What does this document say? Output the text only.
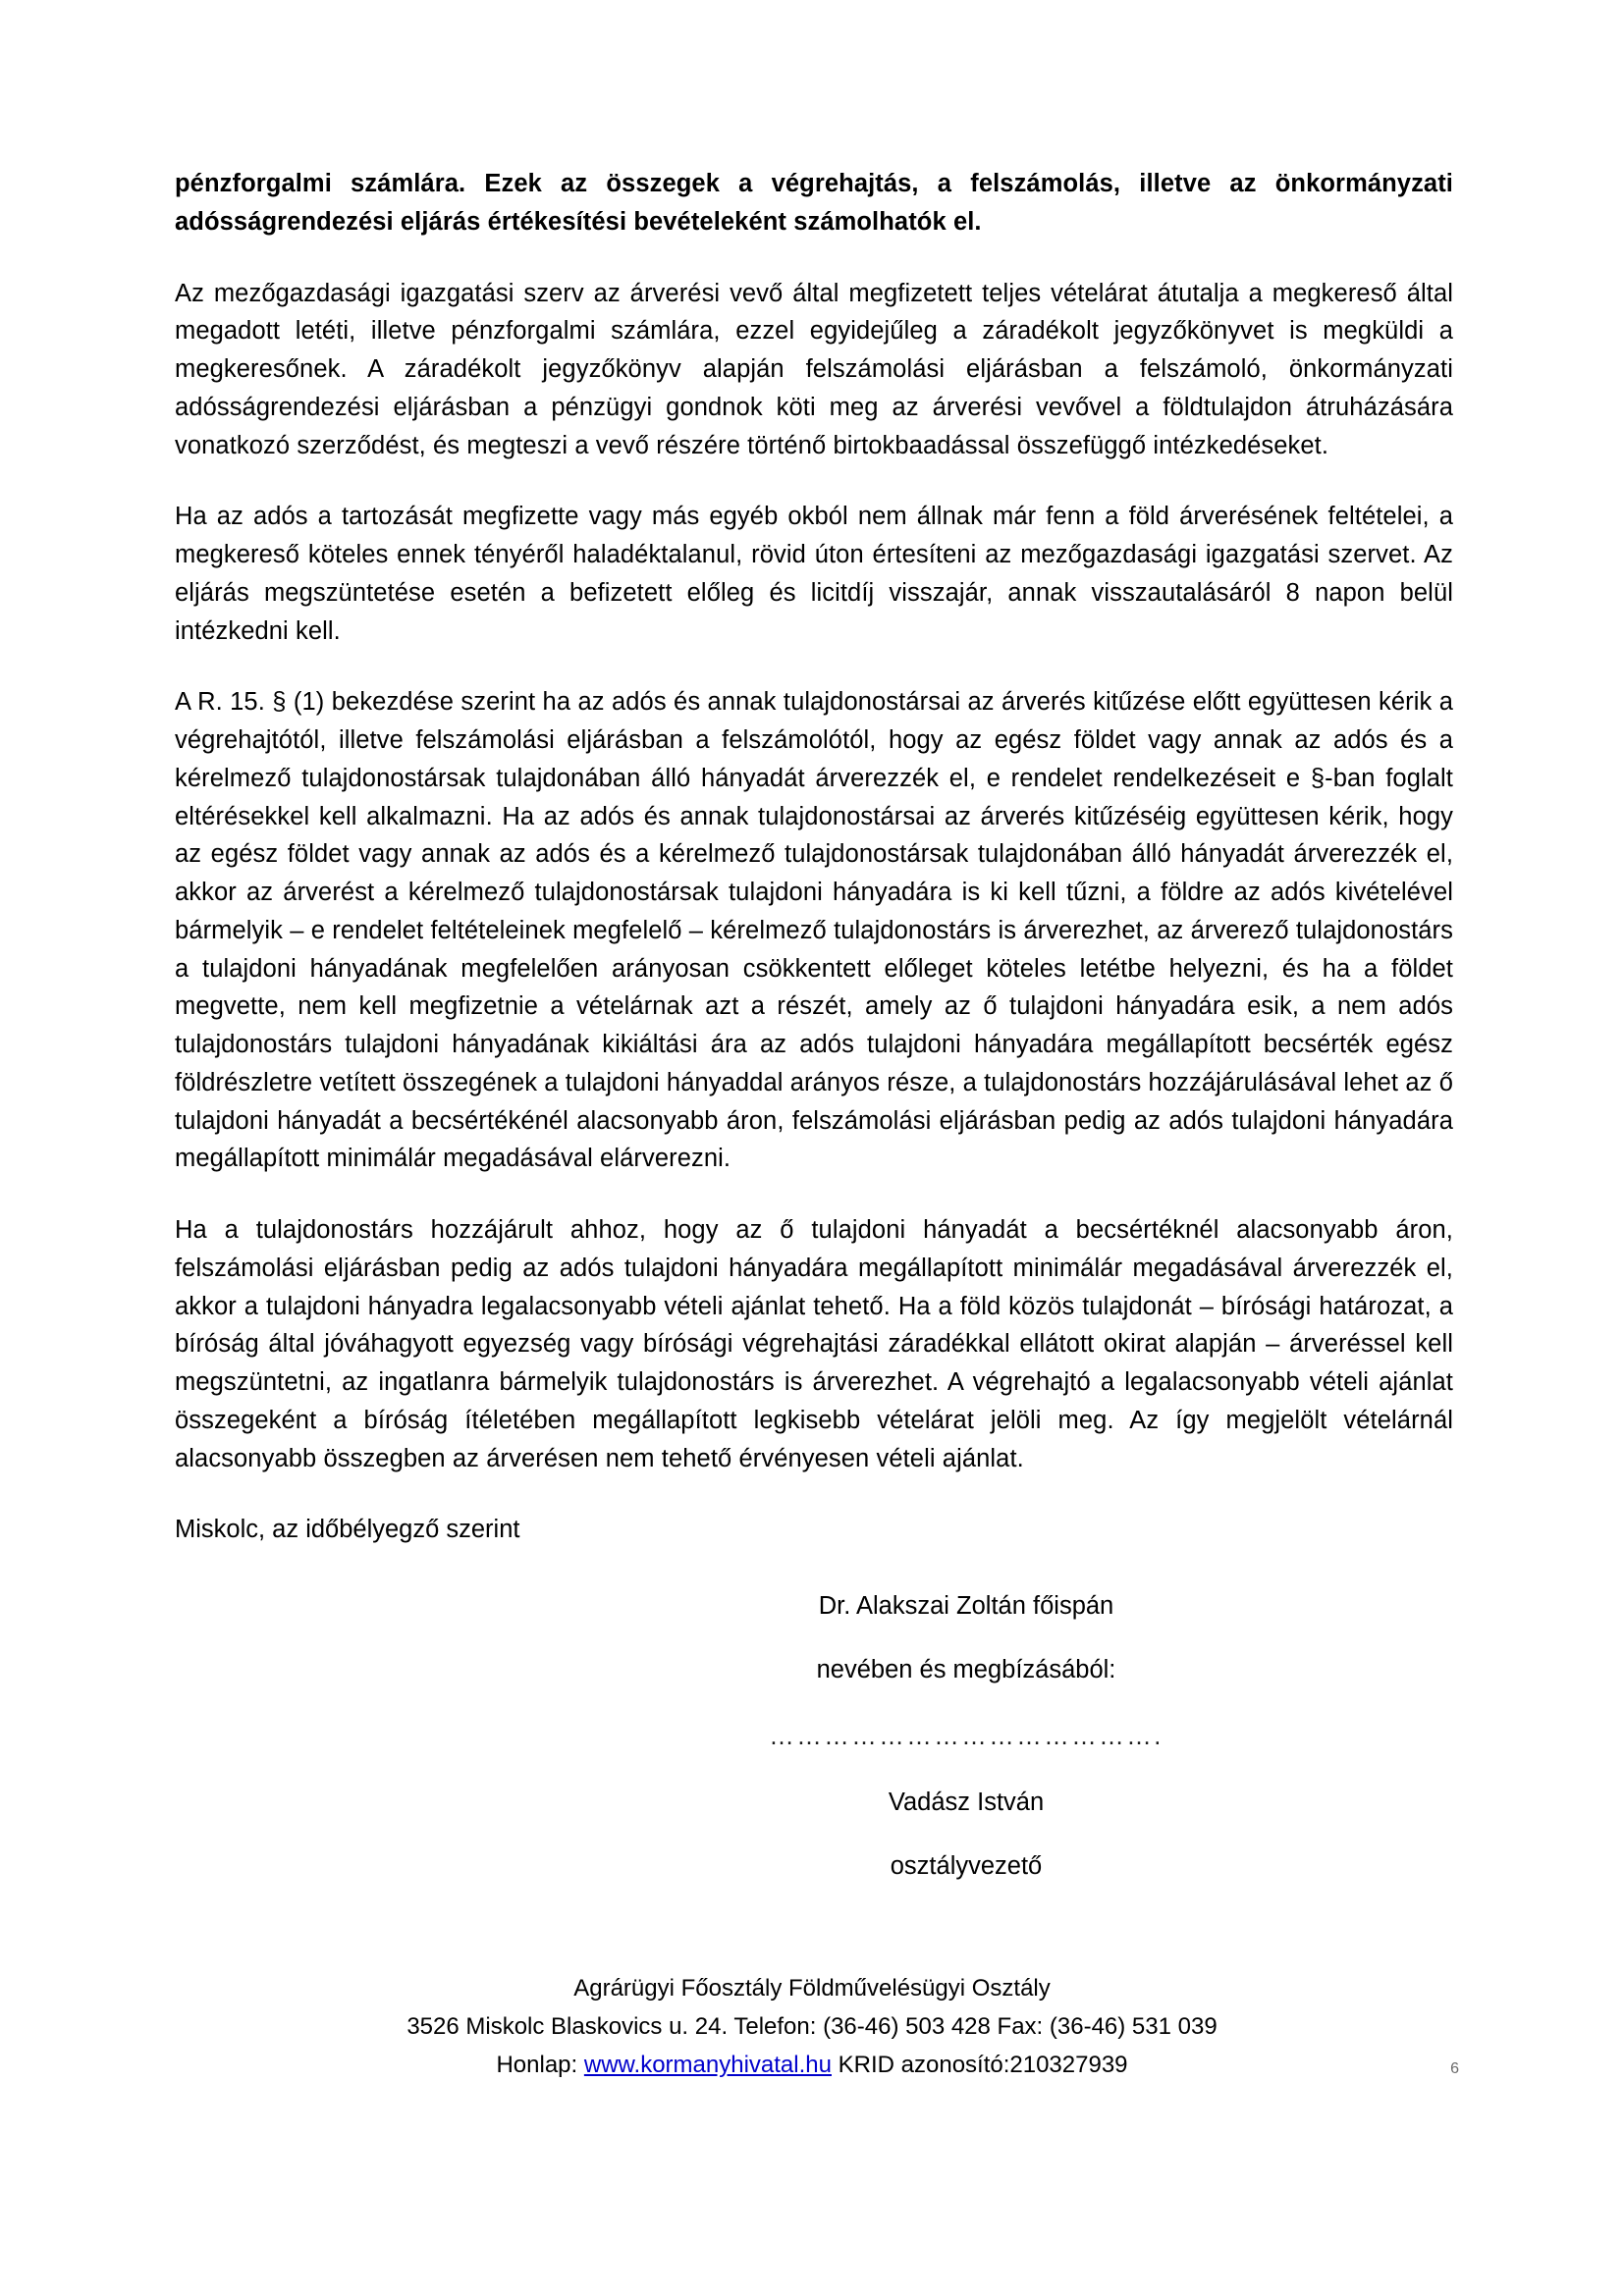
pénzforgalmi számlára. Ezek az összegek a végrehajtás, a felszámolás, illetve az önkormányzati adósságrendezési eljárás értékesítési bevételeként számolhatók el.

Az mezőgazdasági igazgatási szerv az árverési vevő által megfizetett teljes vételárat átutalja a megkereső által megadott letéti, illetve pénzforgalmi számlára, ezzel egyidejűleg a záradékolt jegyzőkönyvet is megküldi a megkeresőnek. A záradékolt jegyzőkönyv alapján felszámolási eljárásban a felszámoló, önkormányzati adósságrendezési eljárásban a pénzügyi gondnok köti meg az árverési vevővel a földtulajdon átruházására vonatkozó szerződést, és megteszi a vevő részére történő birtokbaadással összefüggő intézkedéseket.

Ha az adós a tartozását megfizette vagy más egyéb okból nem állnak már fenn a föld árverésének feltételei, a megkereső köteles ennek tényéről haladéktalanul, rövid úton értesíteni az mezőgazdasági igazgatási szervet. Az eljárás megszüntetése esetén a befizetett előleg és licitdíj visszajár, annak visszautalásáról 8 napon belül intézkedni kell.

A R. 15. § (1) bekezdése szerint ha az adós és annak tulajdonostársai az árverés kitűzése előtt együttesen kérik a végrehajtótól, illetve felszámolási eljárásban a felszámolótól, hogy az egész földet vagy annak az adós és a kérelmező tulajdonostársak tulajdonában álló hányadát árverezzék el, e rendelet rendelkezéseit e §-ban foglalt eltérésekkel kell alkalmazni. Ha az adós és annak tulajdonostársai az árverés kitűzéséig együttesen kérik, hogy az egész földet vagy annak az adós és a kérelmező tulajdonostársak tulajdonában álló hányadát árverezzék el, akkor az árverést a kérelmező tulajdonostársak tulajdoni hányadára is ki kell tűzni, a földre az adós kivételével bármelyik – e rendelet feltételeinek megfelelő – kérelmező tulajdonostárs is árverezhet, az árverező tulajdonostárs a tulajdoni hányadának megfelelően arányosan csökkentett előleget köteles letétbe helyezni, és ha a földet megvette, nem kell megfizetnie a vételárnak azt a részét, amely az ő tulajdoni hányadára esik, a nem adós tulajdonostárs tulajdoni hányadának kikiáltási ára az adós tulajdoni hányadára megállapított becsérték egész földrészletre vetített összegének a tulajdoni hányaddal arányos része, a tulajdonostárs hozzájárulásával lehet az ő tulajdoni hányadát a becsértékénél alacsonyabb áron, felszámolási eljárásban pedig az adós tulajdoni hányadára megállapított minimálár megadásával elárverezni.

Ha a tulajdonostárs hozzájárult ahhoz, hogy az ő tulajdoni hányadát a becsértéknél alacsonyabb áron, felszámolási eljárásban pedig az adós tulajdoni hányadára megállapított minimálár megadásával árverezzék el, akkor a tulajdoni hányadra legalacsonyabb vételi ajánlat tehető. Ha a föld közös tulajdonát – bírósági határozat, a bíróság által jóváhagyott egyezség vagy bírósági végrehajtási záradékkal ellátott okirat alapján – árveréssel kell megszüntetni, az ingatlanra bármelyik tulajdonostárs is árverezhet. A végrehajtó a legalacsonyabb vételi ajánlat összegeként a bíróság ítéletében megállapított legkisebb vételárat jelöli meg. Az így megjelölt vételárnál alacsonyabb összegben az árverésen nem tehető érvényesen vételi ajánlat.

Miskolc, az időbélyegző szerint

Dr. Alakszai Zoltán főispán
nevében és megbízásából:
…………………………………….
Vadász István
osztályvezető
Agrárügyi Főosztály Földművelésügyi Osztály
3526 Miskolc Blaskovics u. 24. Telefon: (36-46) 503 428 Fax: (36-46) 531 039
Honlap: www.kormanyhivatal.hu KRID azonosító:210327939	6
